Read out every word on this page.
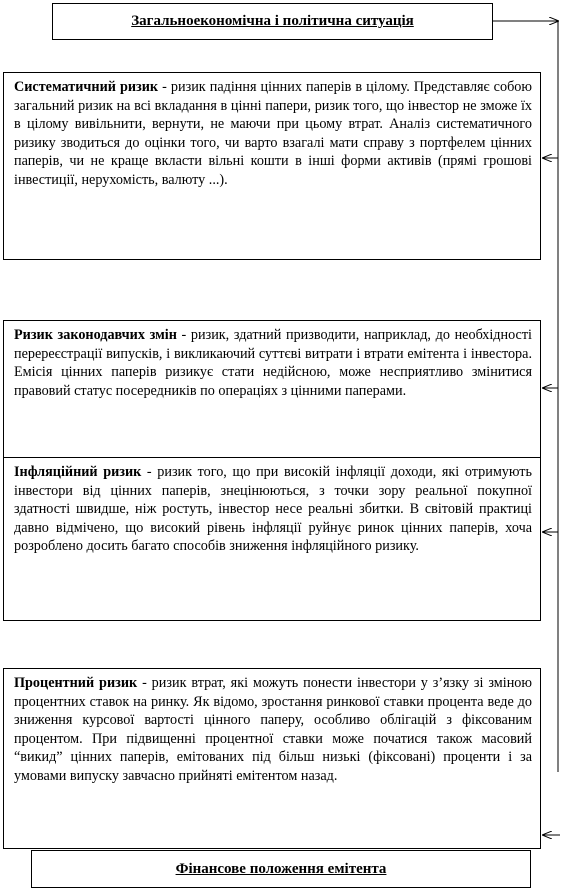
Загальноекономічна і політична ситуація
Систематичний ризик - ризик падіння цінних паперів в цілому. Представляє собою загальний ризик на всі вкладання в цінні папери, ризик того, що інвестор не зможе їх в цілому вивільнити, вернути, не маючи при цьому втрат. Аналіз систематичного ризику зводиться до оцінки того, чи варто взагалі мати справу з портфелем цінних паперів, чи не краще вкласти вільні кошти в інші форми активів (прямі грошові інвестиції, нерухомість, валюту ...).
Ризик законодавчих змін - ризик, здатний призводити, наприклад, до необхідності перереєстрації випусків, і викликаючий суттєві витрати і втрати емітента і інвестора. Емісія цінних паперів ризикує стати недійсною, може несприятливо змінитися правовий статус посередників по операціях з цінними паперами.
Інфляційний ризик - ризик того, що при високій інфляції доходи, які отримують інвестори від цінних паперів, знецінюються, з точки зору реальної покупної здатності швидше, ніж ростуть, інвестор несе реальні збитки. В світовій практиці давно відмічено, що високий рівень інфляції руйнує ринок цінних паперів, хоча розроблено досить багато способів зниження інфляційного ризику.
Процентний ризик - ризик втрат, які можуть понести інвестори у з’язку зі зміною процентних ставок на ринку. Як відомо, зростання ринкової ставки процента веде до зниження курсової вартості цінного паперу, особливо облігацій з фіксованим процентом. При підвищенні процентної ставки може початися також масовий “викид” цінних паперів, емітованих під більш низькі (фіксовані) проценти і за умовами випуску завчасно прийняті емітентом назад.
Фінансове положення емітента
